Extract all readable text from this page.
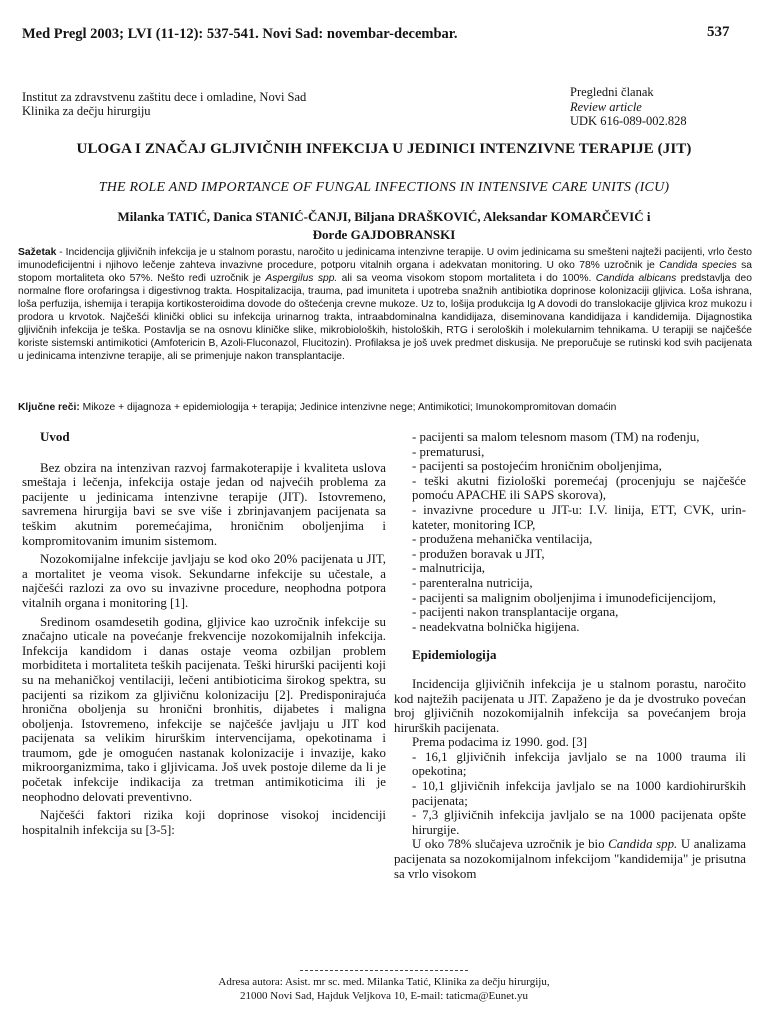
Med Pregl 2003; LVI (11-12): 537-541. Novi Sad: novembar-decembar.	537
Institut za zdravstvenu zaštitu dece i omladine, Novi Sad
Klinika za dečju hirurgiju
Pregledni članak
Review article
UDK 616-089-002.828
ULOGA I ZNAČAJ GLJIVIČNIH INFEKCIJA U JEDINICI INTENZIVNE TERAPIJE (JIT)
THE ROLE AND IMPORTANCE OF FUNGAL INFECTIONS IN INTENSIVE CARE UNITS (ICU)
Milanka TATIĆ, Danica STANIĆ-ČANJI, Biljana DRAŠKOVIĆ, Aleksandar KOMARČEVIĆ i
Đorđe GAJDOBRANSKI
Sažetak - Incidencija gljivičnih infekcija je u stalnom porastu, naročito u jedinicama intenzivne terapije. U ovim jedinicama su smešteni najteži pacijenti, vrlo često imunodeficijentni i njihovo lečenje zahteva invazivne procedure, potporu vitalnih organa i adekvatan monitoring. U oko 78% uzročnik je Candida species sa stopom mortaliteta oko 57%. Nešto ređi uzročnik je Aspergilus spp. ali sa veoma visokom stopom mortaliteta i do 100%. Candida albicans predstavlja deo normalne flore orofaringsa i digestivnog trakta. Hospitalizacija, trauma, pad imuniteta i upotreba snažnih antibiotika doprinose kolonizaciji gljivica. Loša ishrana, loša perfuzija, ishemija i terapija kortikosteroidima dovode do oštećenja crevne mukoze. Uz to, lošija produkcija Ig A dovodi do translokacije gljivica kroz mukozu i prodora u krvotok. Najčešći klinički oblici su infekcija urinarnog trakta, intraabdominalna kandidijaza, diseminovana kandidijaza i kandidemija. Dijagnostika gljivičnih infekcija je teška. Postavlja se na osnovu kliničke slike, mikrobioloških, histoloških, RTG i seroloških i molekularnim tehnikama. U terapiji se najčešće koriste sistemski antimikotici (Amfotericin B, Azoli-Fluconazol, Flucitozin). Profilaksa je još uvek predmet diskusija. Ne preporučuje se rutinski kod svih pacijenata u jedinicama intenzivne terapije, ali se primenjuje nakon transplantacije.
Ključne reči: Mikoze + dijagnoza + epidemiologija + terapija; Jedinice intenzivne nege; Antimikotici; Imunokompromitovan domaćin
Uvod

Bez obzira na intenzivan razvoj farmakoterapije i kvaliteta uslova smeštaja i lečenja, infekcija ostaje jedan od najvećih problema za pacijente u jedinicama intenzivne terapije (JIT). Istovremeno, savremena hirurgija bavi se sve više i zbrinjavanjem pacijenata sa teškim akutnim poremećajima, hroničnim oboljenjima i kompromitovanim imunim sistemom.

Nozokomijalne infekcije javljaju se kod oko 20% pacijenata u JIT, a mortalitet je veoma visok. Sekundarne infekcije su učestale, a najčešći razlozi za ovo su invazivne procedure, neophodna potpora vitalnih organa i monitoring [1].

Sredinom osamdesetih godina, gljivice kao uzročnik infekcije su značajno uticale na povećanje frekvencije nozokomijalnih infekcija. Infekcija kandidom i danas ostaje veoma ozbiljan problem morbiditeta i mortaliteta teških pacijenata. Teški hirurški pacijenti koji su na mehaničkoj ventilaciji, lečeni antibioticima širokog spektra, su pacijenti sa rizikom za gljivičnu kolonizaciju [2]. Predisponirajuća hronična oboljenja su hronični bronhitis, dijabetes i maligna oboljenja. Istovremeno, infekcije se najčešće javljaju u JIT kod pacijenata sa velikim hirurškim intervencijama, opekotinama i traumom, gde je omogućen nastanak kolonizacije i invazije, kako mikroorganizmima, tako i gljivicama. Još uvek postoje dileme da li je početak infekcije indikacija za tretman antimikoticima ili je neophodno delovati preventivno.

Najčešći faktori rizika koji doprinose visokoj incidenciji hospitalnih infekcija su [3-5]:

- pacijenti sa malom telesnom masom (TM) na rođenju,
- prematurusi,
- pacijenti sa postojećim hroničnim oboljenjima,
- teški akutni fiziološki poremećaj (procenjuju se najčešće pomoću APACHE ili SAPS skorova),
- invazivne procedure u JIT-u: I.V. linija, ETT, CVK, urin-kateter, monitoring ICP,
- produžena mehanička ventilacija,
- produžen boravak u JIT,
- malnutricija,
- parenteralna nutricija,
- pacijenti sa malignim oboljenjima i imunodeficijencijom,
- pacijenti nakon transplantacije organa,
- neadekvatna bolnička higijena.
Epidemiologija

Incidencija gljivičnih infekcija je u stalnom porastu, naročito kod najtežih pacijenata u JIT. Zapaženo je da je dvostruko povećan broj gljivičnih nozokomijalnih infekcija sa povećanjem broja hirurških pacijenata.

Prema podacima iz 1990. god. [3]

- 16,1 gljivičnih infekcija javljalo se na 1000 trauma ili opekotina;
- 10,1 gljivičnih infekcija javljalo se na 1000 kardiohirurških pacijenata;
- 7,3 gljivičnih infekcija javljalo se na 1000 pacijenata opšte hirurgije.

U oko 78% slučajeva uzročnik je bio Candida spp. U analizama pacijenata sa nozokomijalnom infekcijom "kandidemija" je prisutna sa vrlo visokom

Adresa autora: Asist. mr sc. med. Milanka Tatić, Klinika za dečju hirurgiju,
21000 Novi Sad, Hajduk Veljkova 10, E-mail: taticma@Eunet.yu
